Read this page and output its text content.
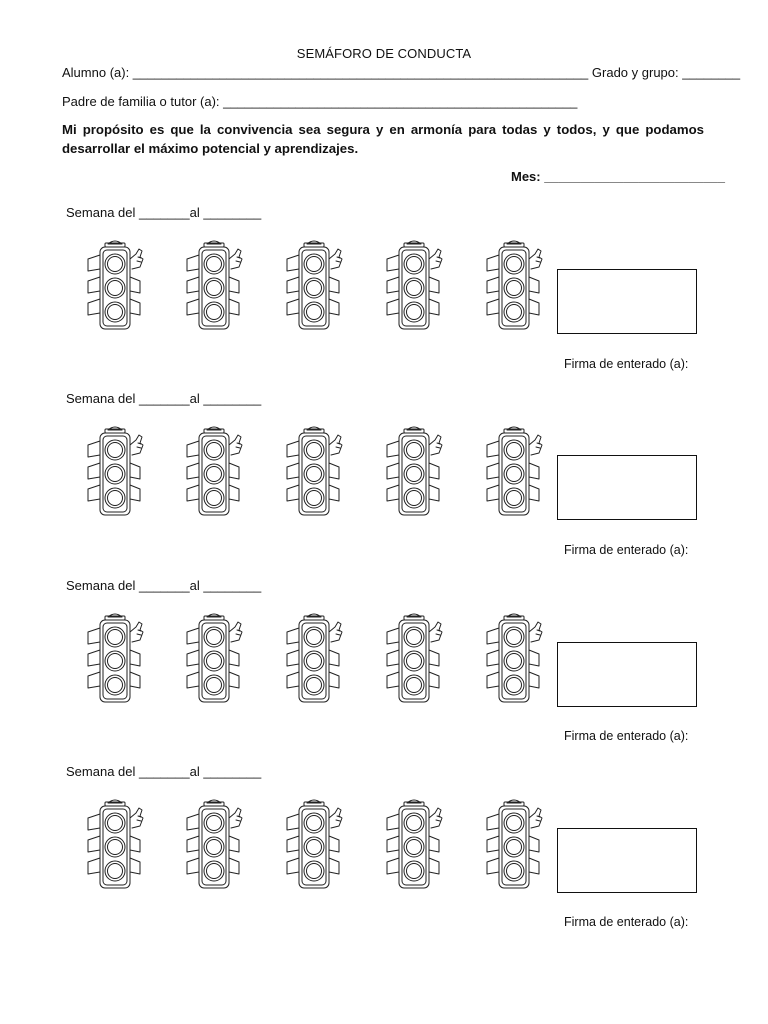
SEMÁFORO DE CONDUCTA
Alumno (a): _______________________________________________________________ Grado y grupo: ________
Padre de familia o tutor (a): _________________________________________________
Mi propósito es que la convivencia sea segura y en armonía para todas y todos, y que podamos desarrollar el máximo potencial y aprendizajes.
Mes: _________________________
Semana del _______al ________
Firma de enterado (a):
Semana del _______al ________
Firma de enterado (a):
Semana del _______al ________
Firma de enterado (a):
Semana del _______al ________
Firma de enterado (a):
